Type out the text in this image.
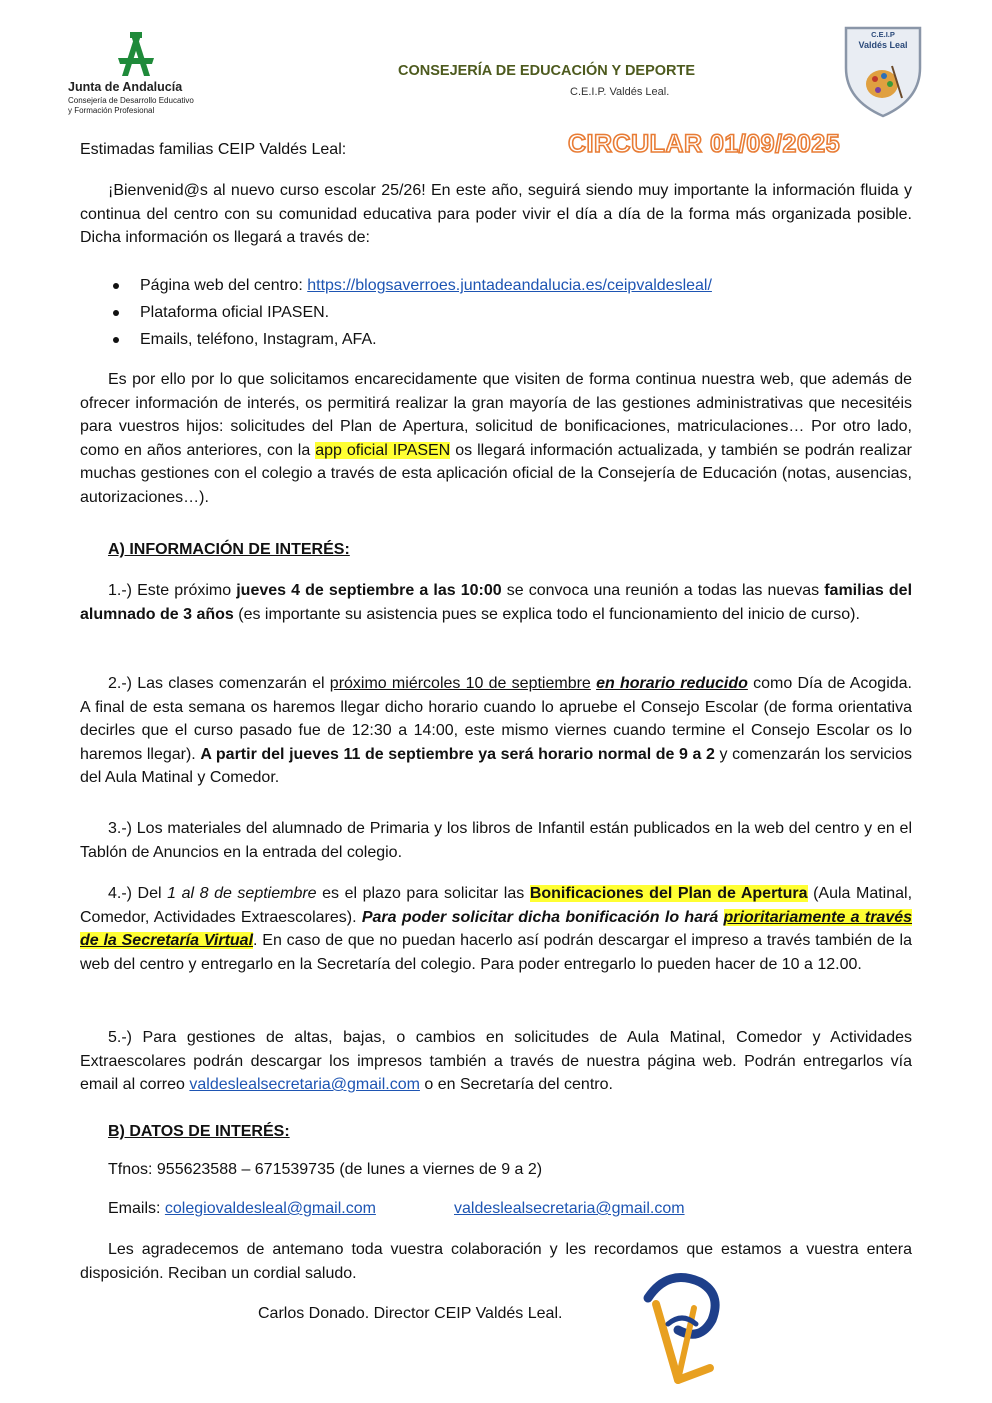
Junta de Andalucía
Consejería de Desarrollo Educativo
y Formación Profesional
CONSEJERÍA DE EDUCACIÓN Y DEPORTE
C.E.I.P. Valdés Leal.
C.E.I.P
Valdés Leal
CIRCULAR 01/09/2025
Estimadas familias CEIP Valdés Leal:
¡Bienvenid@s al nuevo curso escolar 25/26! En este año, seguirá siendo muy importante la información fluida y continua del centro con su comunidad educativa para poder vivir el día a día de la forma más organizada posible. Dicha información os llegará a través de:
Página web del centro: https://blogsaverroes.juntadeandalucia.es/ceipvaldesleal/
Plataforma oficial IPASEN.
Emails, teléfono, Instagram, AFA.
Es por ello por lo que solicitamos encarecidamente que visiten de forma continua nuestra web, que además de ofrecer información de interés, os permitirá realizar la gran mayoría de las gestiones administrativas que necesitéis para vuestros hijos: solicitudes del Plan de Apertura, solicitud de bonificaciones, matriculaciones… Por otro lado, como en años anteriores, con la app oficial IPASEN os llegará información actualizada, y también se podrán realizar muchas gestiones con el colegio a través de esta aplicación oficial de la Consejería de Educación (notas, ausencias, autorizaciones…).
A) INFORMACIÓN DE INTERÉS:
1.-) Este próximo jueves 4 de septiembre a las 10:00 se convoca una reunión a todas las nuevas familias del alumnado de 3 años (es importante su asistencia pues se explica todo el funcionamiento del inicio de curso).
2.-) Las clases comenzarán el próximo miércoles 10 de septiembre en horario reducido como Día de Acogida. A final de esta semana os haremos llegar dicho horario cuando lo apruebe el Consejo Escolar (de forma orientativa decirles que el curso pasado fue de 12:30 a 14:00, este mismo viernes cuando termine el Consejo Escolar os lo haremos llegar). A partir del jueves 11 de septiembre ya será horario normal de 9 a 2 y comenzarán los servicios del Aula Matinal y Comedor.
3.-) Los materiales del alumnado de Primaria y los libros de Infantil están publicados en la web del centro y en el Tablón de Anuncios en la entrada del colegio.
4.-) Del 1 al 8 de septiembre es el plazo para solicitar las Bonificaciones del Plan de Apertura (Aula Matinal, Comedor, Actividades Extraescolares). Para poder solicitar dicha bonificación lo hará prioritariamente a través de la Secretaría Virtual. En caso de que no puedan hacerlo así podrán descargar el impreso a través también de la web del centro y entregarlo en la Secretaría del colegio. Para poder entregarlo lo pueden hacer de 10 a 12.00.
5.-) Para gestiones de altas, bajas, o cambios en solicitudes de Aula Matinal, Comedor y Actividades Extraescolares podrán descargar los impresos también a través de nuestra página web. Podrán entregarlos vía email al correo valdeslealsecretaria@gmail.com o en Secretaría del centro.
B) DATOS DE INTERÉS:
Tfnos: 955623588 – 671539735 (de lunes a viernes de 9 a 2)
Emails: colegiovaldesleal@gmail.com	valdeslealsecretaria@gmail.com
Les agradecemos de antemano toda vuestra colaboración y les recordamos que estamos a vuestra entera disposición. Reciban un cordial saludo.
Carlos Donado. Director CEIP Valdés Leal.
